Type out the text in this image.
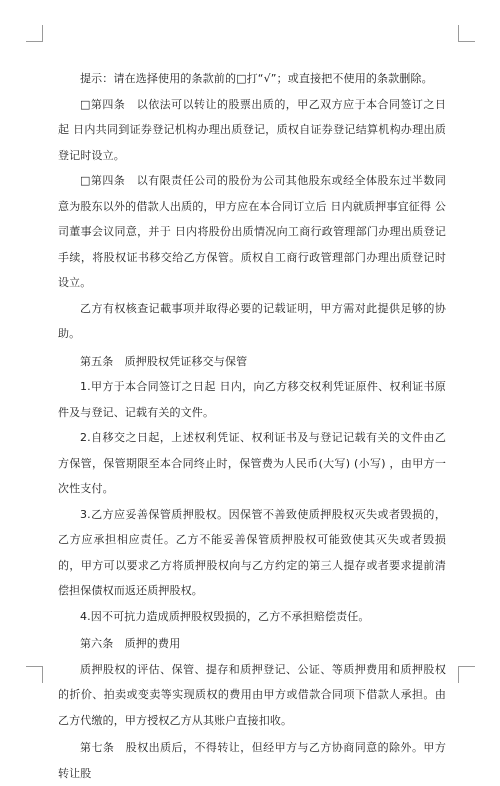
提示：请在选择使用的条款前的□打“√”；或直接把不使用的条款删除。

□第四条　以依法可以转让的股票出质的，甲乙双方应于本合同签订之日起 日内共同到证券登记机构办理出质登记，质权自证券登记结算机构办理出质登记时设立。

□第四条　以有限责任公司的股份为公司其他股东或经全体股东过半数同意为股东以外的借款人出质的，甲方应在本合同订立后 日内就质押事宜征得 公司董事会议同意，并于 日内将股份出质情况向工商行政管理部门办理出质登记手续，将股权证书移交给乙方保管。质权自工商行政管理部门办理出质登记时设立。

乙方有权核查记載事项并取得必要的记载证明，甲方需对此提供足够的协助。

第五条　质押股权凭证移交与保管

1.甲方于本合同签订之日起 日内，向乙方移交权利凭证原件、权利证书原件及与登记、记载有关的文件。

2.自移交之日起，上述权利凭证、权利证书及与登记记载有关的文件由乙方保管，保管期限至本合同终止时，保管费为人民币(大写) (小写) ，由甲方一次性支付。

3.乙方应妥善保管质押股权。因保管不善致使质押股权灭失或者毁损的，乙方应承担相应责任。乙方不能妥善保管质押股权可能致使其灭失或者毁损的，甲方可以要求乙方将质押股权向与乙方约定的第三人提存或者要求提前清偿担保债权而返还质押股权。

4.因不可抗力造成质押股权毁损的，乙方不承担赔偿责任。

第六条　质押的费用

质押股权的评估、保管、提存和质押登记、公证、等质押费用和质押股权的折价、拍卖或变卖等实现质权的费用由甲方或借款合同项下借款人承担。由乙方代缴的，甲方授权乙方从其账户直接扣收。

第七条　股权出质后，不得转让，但经甲方与乙方协商同意的除外。甲方转让股
